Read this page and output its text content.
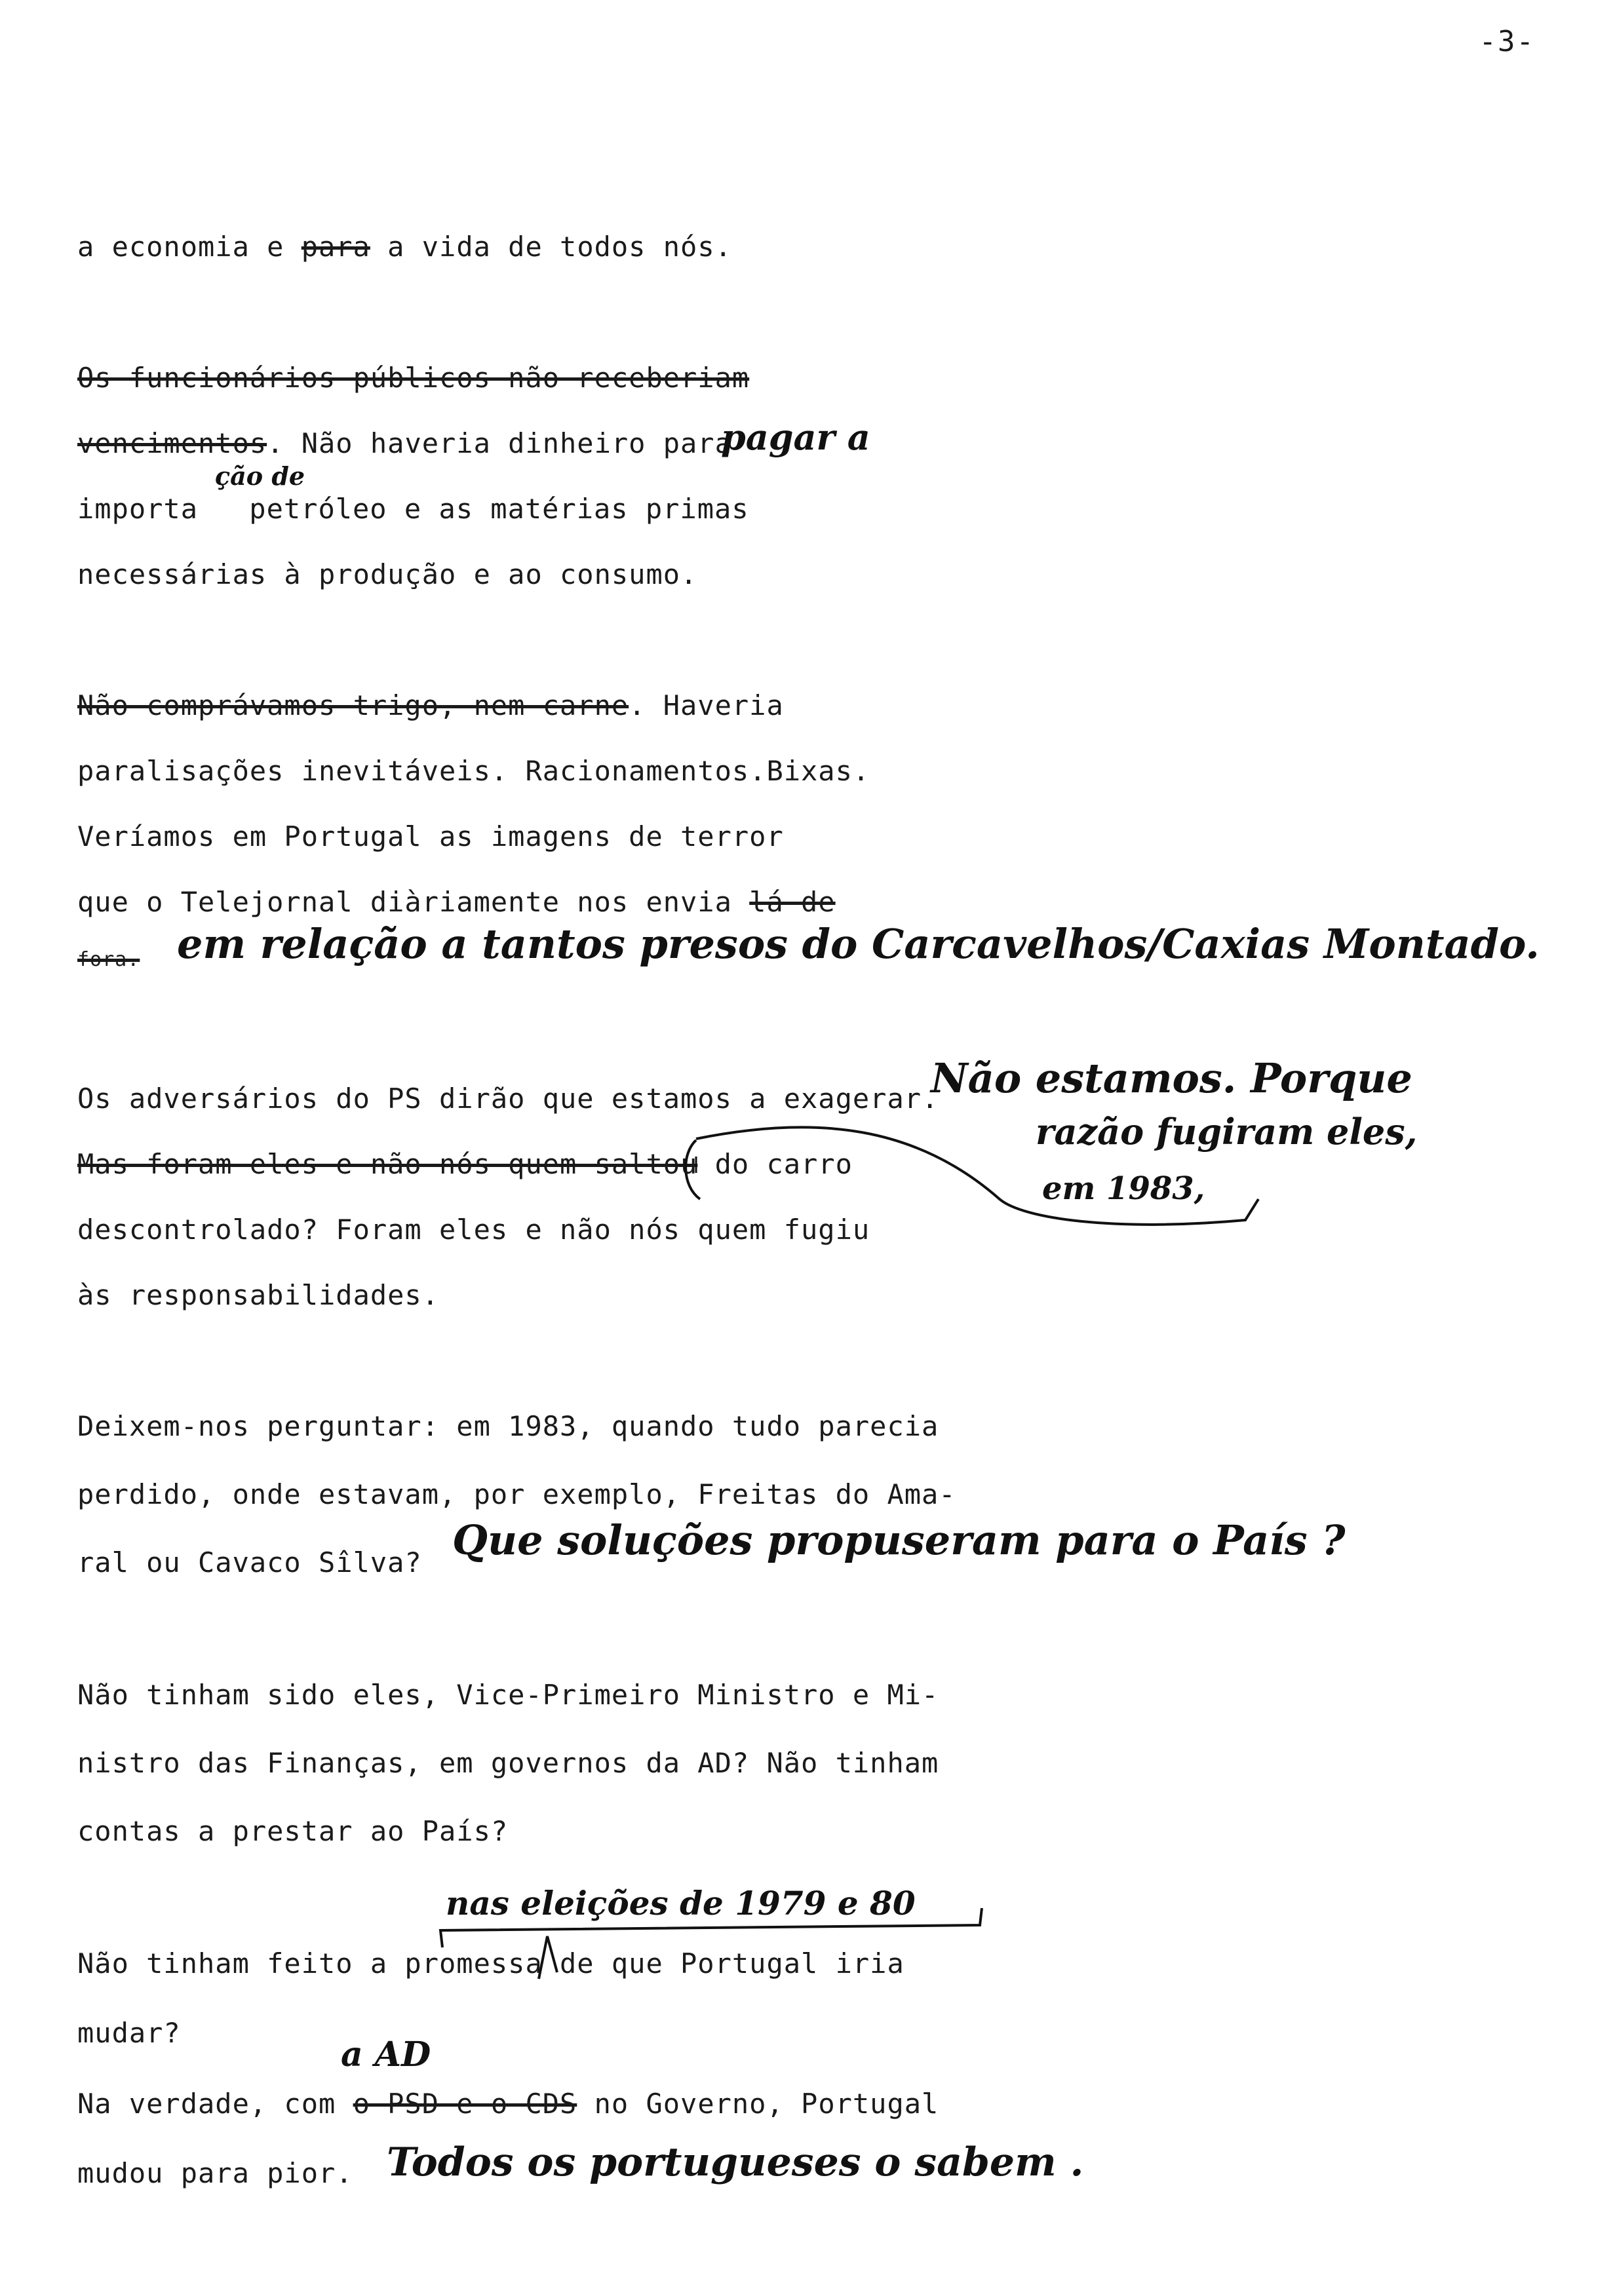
-3-
a economia e para a vida de todos nós.
Os funcionários públicos não receberiam
vencimentos. Não haveria dinheiro para
importa petróleo e as matérias primas
necessárias à produção e ao consumo.
Não comprávamos trigo, nem carne. Haveria
paralisações inevitáveis. Racionamentos.Bixas.
Veríamos em Portugal as imagens de terror
que o Telejornal diàriamente nos envia lá de
fora.
Os adversários do PS dirão que estamos a exagerar.
Mas foram eles e não nós quem saltou do carro
descontrolado? Foram eles e não nós quem fugiu
às responsabilidades.
Deixem-nos perguntar: em 1983, quando tudo parecia
perdido, onde estavam, por exemplo, Freitas do Ama-
ral ou Cavaco Sîlva?
Não tinham sido eles, Vice-Primeiro Ministro e Mi-
nistro das Finanças, em governos da AD? Não tinham
contas a prestar ao País?
Não tinham feito a promessa de que Portugal iria
mudar?
Na verdade, com o PSD e o CDS no Governo, Portugal
mudou para pior.
pagar a
ção de
em relação a tantos presos do Carcavelhos/Caxias Montado.
Não estamos. Porque
razão fugiram eles,
em 1983,
Que soluções propuseram para o País ?
nas eleições de 1979 e 80
a AD
Todos os portugueses o sabem .
